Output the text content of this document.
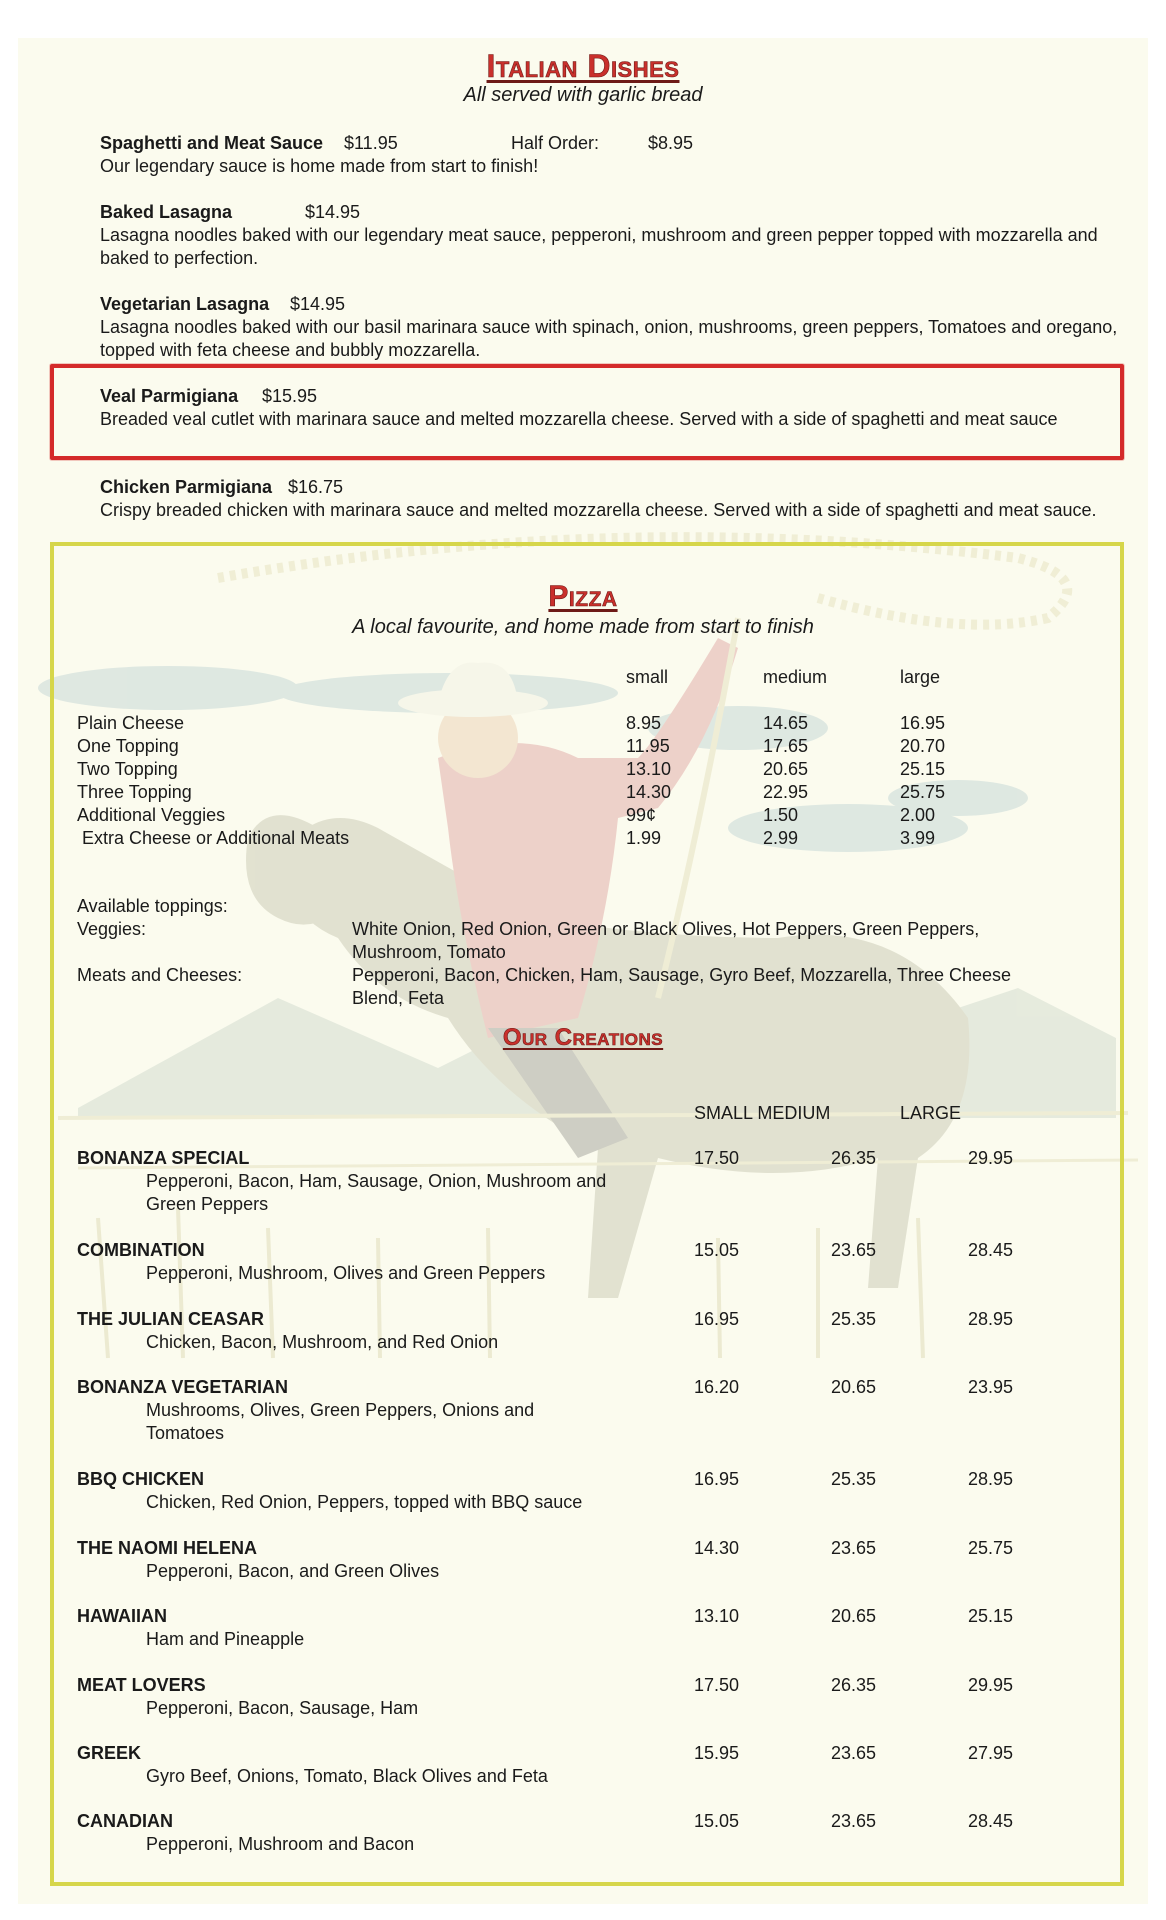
Italian Dishes
All served with garlic bread
Spaghetti and Meat Sauce $11.95	Half Order:	$8.95
Our legendary sauce is home made from start to finish!
Baked Lasagna	$14.95
Lasagna noodles baked with our legendary meat sauce, pepperoni, mushroom and green pepper topped with mozzarella and baked to perfection.
Vegetarian Lasagna $14.95
Lasagna noodles baked with our basil marinara sauce with spinach, onion, mushrooms, green peppers, Tomatoes and oregano, topped with feta cheese and bubbly mozzarella.
Veal Parmigiana $15.95
Breaded veal cutlet with marinara sauce and melted mozzarella cheese. Served with a side of spaghetti and meat sauce
Chicken Parmigiana $16.75
Crispy breaded chicken with marinara sauce and melted mozzarella cheese. Served with a side of spaghetti and meat sauce.
Pizza
A local favourite, and home made from start to finish
small	medium	large
Plain Cheese	8.95	14.65	16.95
One Topping	11.95	17.65	20.70
Two Topping	13.10	20.65	25.15
Three Topping	14.30	22.95	25.75
Additional Veggies	99¢	1.50	2.00
Extra Cheese or Additional Meats	1.99	2.99	3.99
Available toppings:
Veggies:	White Onion, Red Onion, Green or Black Olives, Hot Peppers, Green Peppers, Mushroom, Tomato
Meats and Cheeses:	Pepperoni, Bacon, Chicken, Ham, Sausage, Gyro Beef, Mozzarella, Three Cheese Blend, Feta
Our Creations
SMALL MEDIUM	LARGE
BONANZA SPECIAL
Pepperoni, Bacon, Ham, Sausage, Onion, Mushroom and Green Peppers
17.50	26.35	29.95
COMBINATION
Pepperoni, Mushroom, Olives and Green Peppers
15.05	23.65	28.45
THE JULIAN CEASAR
Chicken, Bacon, Mushroom, and Red Onion
16.95	25.35	28.95
BONANZA VEGETARIAN
Mushrooms, Olives, Green Peppers, Onions and Tomatoes
16.20	20.65	23.95
BBQ CHICKEN
Chicken, Red Onion, Peppers, topped with BBQ sauce
16.95	25.35	28.95
THE NAOMI HELENA
Pepperoni, Bacon, and Green Olives
14.30	23.65	25.75
HAWAIIAN
Ham and Pineapple
13.10	20.65	25.15
MEAT LOVERS
Pepperoni, Bacon, Sausage, Ham
17.50	26.35	29.95
GREEK
Gyro Beef, Onions, Tomato, Black Olives and Feta
15.95	23.65	27.95
CANADIAN
Pepperoni, Mushroom and Bacon
15.05	23.65	28.45
